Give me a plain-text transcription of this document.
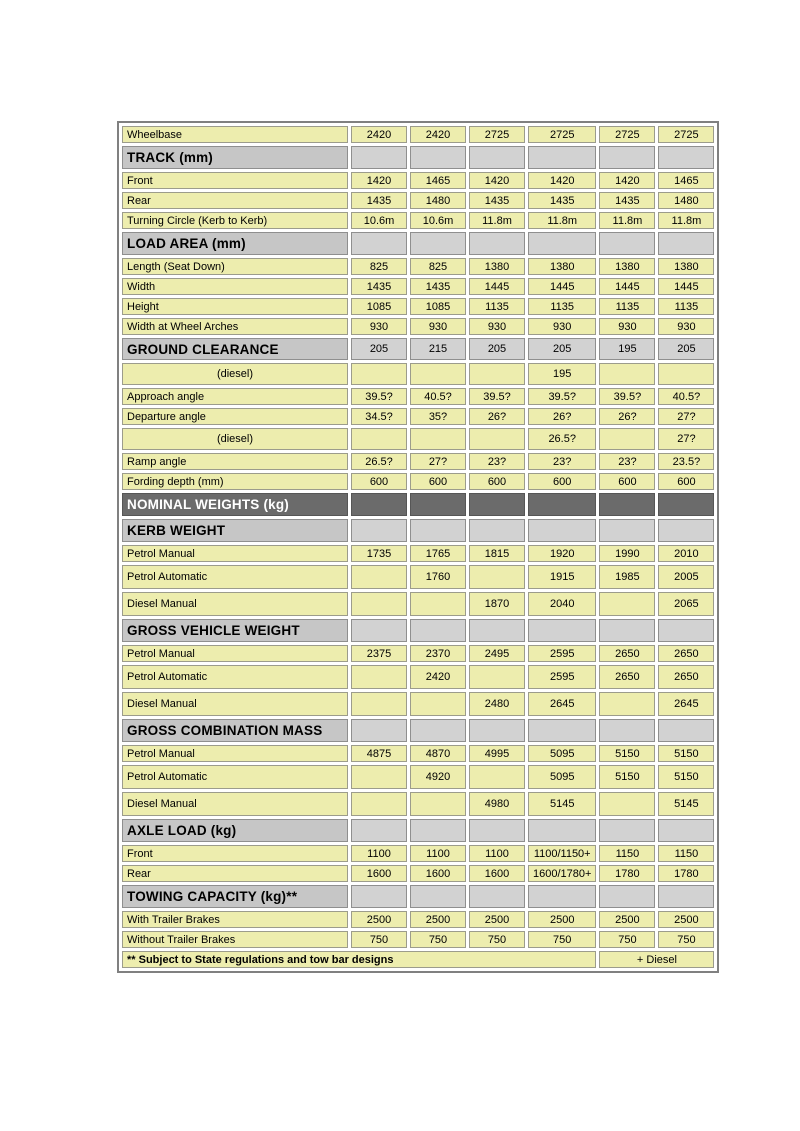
Wheelbase	2420	2420	2725	2725	2725	2725
TRACK (mm)						
Front	1420	1465	1420	1420	1420	1465
Rear	1435	1480	1435	1435	1435	1480
Turning Circle (Kerb to Kerb)	10.6m	10.6m	11.8m	11.8m	11.8m	11.8m
LOAD AREA (mm)						
Length (Seat Down)	825	825	1380	1380	1380	1380
Width	1435	1435	1445	1445	1445	1445
Height	1085	1085	1135	1135	1135	1135
Width at Wheel Arches	930	930	930	930	930	930
GROUND CLEARANCE	205	215	205	205	195	205
(diesel)				195		
Approach angle	39.5?	40.5?	39.5?	39.5?	39.5?	40.5?
Departure angle	34.5?	35?	26?	26?	26?	27?
(diesel)				26.5?		27?
Ramp angle	26.5?	27?	23?	23?	23?	23.5?
Fording depth (mm)	600	600	600	600	600	600
NOMINAL WEIGHTS (kg)						
KERB WEIGHT						
Petrol Manual	1735	1765	1815	1920	1990	2010
Petrol Automatic		1760		1915	1985	2005
Diesel Manual			1870	2040		2065
GROSS VEHICLE WEIGHT						
Petrol Manual	2375	2370	2495	2595	2650	2650
Petrol Automatic		2420		2595	2650	2650
Diesel Manual			2480	2645		2645
GROSS COMBINATION MASS						
Petrol Manual	4875	4870	4995	5095	5150	5150
Petrol Automatic		4920		5095	5150	5150
Diesel Manual			4980	5145		5145
AXLE LOAD (kg)						
Front	1100	1100	1100	1100/1150+	1150	1150
Rear	1600	1600	1600	1600/1780+	1780	1780
TOWING CAPACITY (kg)**						
With Trailer Brakes	2500	2500	2500	2500	2500	2500
Without Trailer Brakes	750	750	750	750	750	750
** Subject to State regulations and tow bar designs					+ Diesel	
